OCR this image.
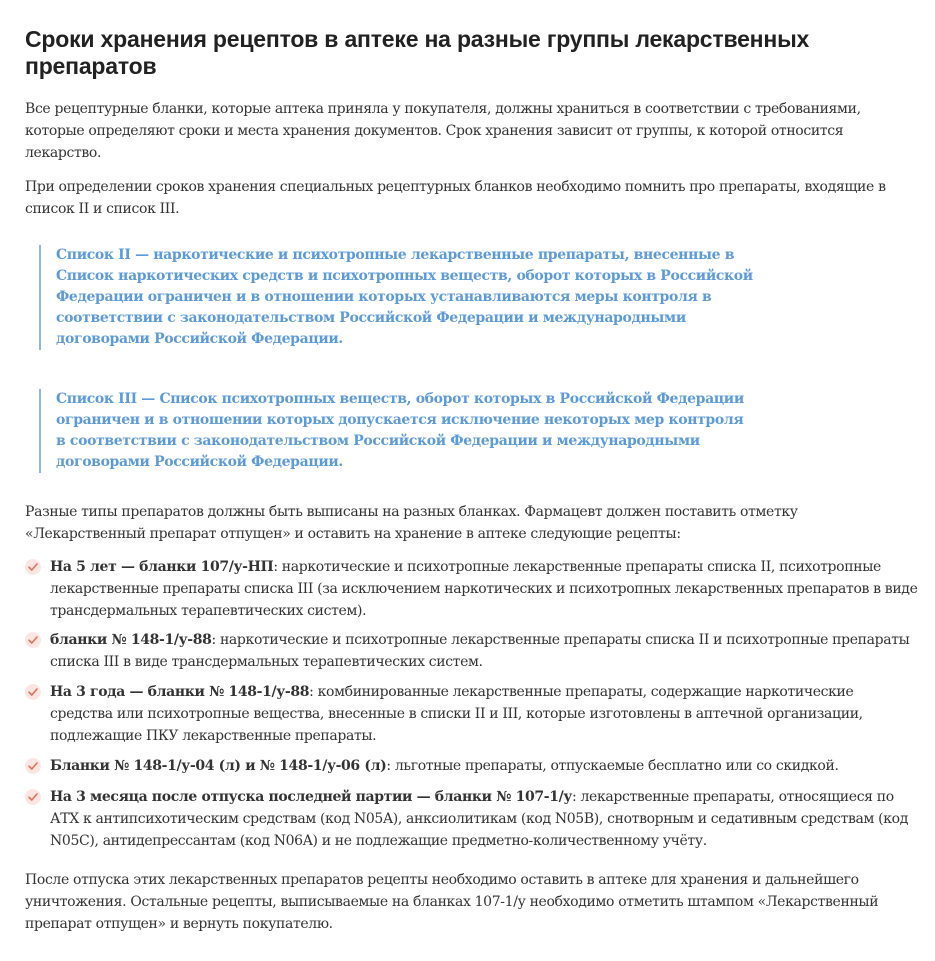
Сроки хранения рецептов в аптеке на разные группы лекарственных препаратов

Все рецептурные бланки, которые аптека приняла у покупателя, должны храниться в соответствии с требованиями, которые определяют сроки и места хранения документов. Срок хранения зависит от группы, к которой относится лекарство.

При определении сроков хранения специальных рецептурных бланков необходимо помнить про препараты, входящие в список II и список III.

Список II — наркотические и психотропные лекарственные препараты, внесенные в Список наркотических средств и психотропных веществ, оборот которых в Российской Федерации ограничен и в отношении которых устанавливаются меры контроля в соответствии с законодательством Российской Федерации и международными договорами Российской Федерации.
Список III — Список психотропных веществ, оборот которых в Российской Федерации ограничен и в отношении которых допускается исключение некоторых мер контроля в соответствии с законодательством Российской Федерации и международными договорами Российской Федерации.

Разные типы препаратов должны быть выписаны на разных бланках. Фармацевт должен поставить отметку «Лекарственный препарат отпущен» и оставить на хранение в аптеке следующие рецепты:

На 5 лет — бланки 107/у-НП: наркотические и психотропные лекарственные препараты списка II, психотропные лекарственные препараты списка III (за исключением наркотических и психотропных лекарственных препаратов в виде трансдермальных терапевтических систем).
бланки № 148-1/у-88: наркотические и психотропные лекарственные препараты списка II и психотропные препараты списка III в виде трансдермальных терапевтических систем.
На 3 года — бланки № 148-1/у-88: комбинированные лекарственные препараты, содержащие наркотические средства или психотропные вещества, внесенные в списки II и III, которые изготовлены в аптечной организации, подлежащие ПКУ лекарственные препараты.
Бланки № 148-1/у-04 (л) и № 148-1/у-06 (л): льготные препараты, отпускаемые бесплатно или со скидкой.
На 3 месяца после отпуска последней партии — бланки № 107-1/у: лекарственные препараты, относящиеся по АТХ к антипсихотическим средствам (код N05A), анксиолитикам (код N05B), снотворным и седативным средствам (код N05C), антидепрессантам (код N06A) и не подлежащие предметно-количественному учёту.

После отпуска этих лекарственных препаратов рецепты необходимо оставить в аптеке для хранения и дальнейшего уничтожения. Остальные рецепты, выписываемые на бланках 107-1/у необходимо отметить штампом «Лекарственный препарат отпущен» и вернуть покупателю.
